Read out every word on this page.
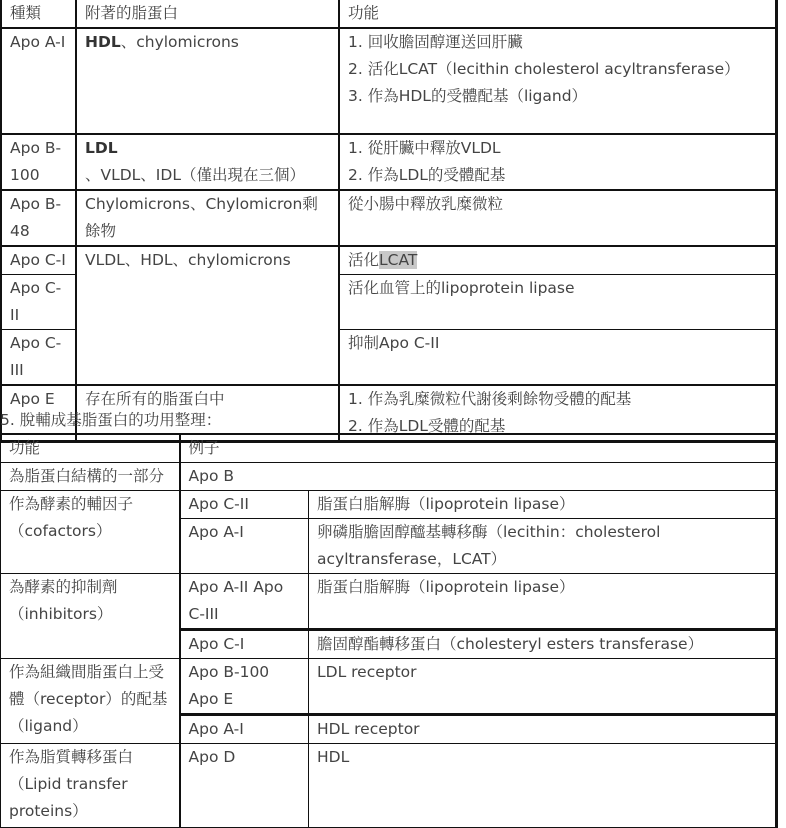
種類	附著的脂蛋白	功能
Apo A-I	HDL、chylomicrons	1. 回收膽固醇運送回肝臟
2. 活化LCAT（lecithin cholesterol acyltransferase）
3. 作為HDL的受體配基（ligand）

Apo B-100	LDL、VLDL、IDL（僅出現在三個）	1. 從肝臟中釋放VLDL
2. 作為LDL的受體配基

Apo B-48	Chylomicrons、Chylomicron剩餘物	從小腸中釋放乳糜微粒
Apo C-I	VLDL、HDL、chylomicrons	活化LCAT
Apo C-II		活化血管上的lipoprotein lipase
Apo C-III		抑制Apo C-II
Apo E	存在所有的脂蛋白中	1. 作為乳糜微粒代謝後剩餘物受體的配基
2. 作為LDL受體的配基
5. 脫輔成基脂蛋白的功用整理：
功能	例子	
為脂蛋白結構的一部分	Apo B	
作為酵素的輔因子（cofactors）	Apo C-II	脂蛋白脂解脢（lipoprotein lipase）
	Apo A-I	卵磷脂膽固醇醯基轉移酶（lecithin：cholesterol acyltransferase，LCAT）
為酵素的抑制劑（inhibitors）	Apo A-II Apo C-III	脂蛋白脂解脢（lipoprotein lipase）
	Apo C-I	膽固醇酯轉移蛋白（cholesteryl esters transferase）
作為組織間脂蛋白上受體（receptor）的配基（ligand）	Apo B-100 Apo E	LDL receptor
	Apo A-I	HDL receptor
作為脂質轉移蛋白（Lipid transfer proteins）	Apo D	HDL
